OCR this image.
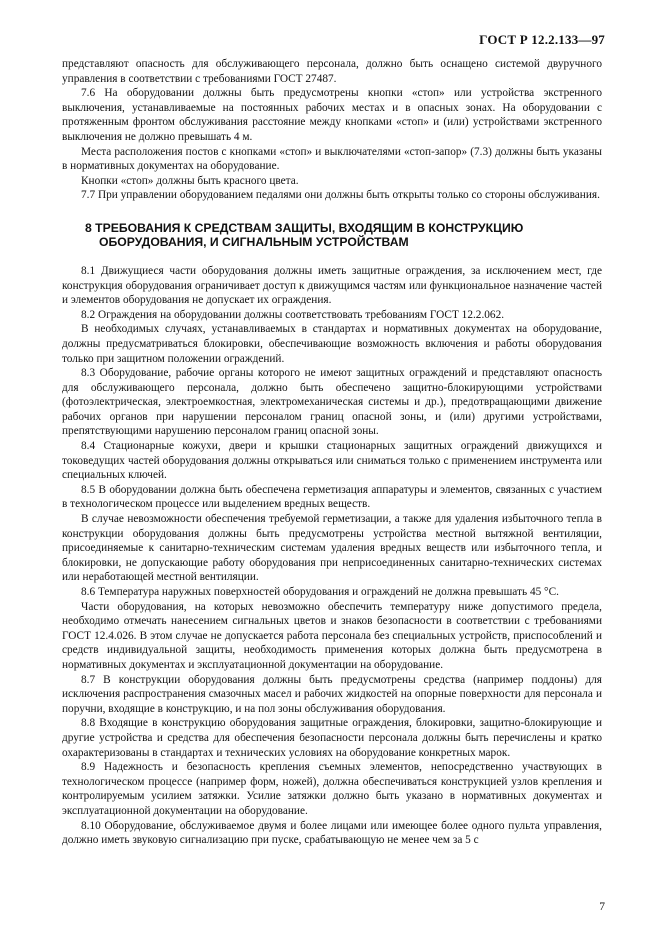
ГОСТ Р 12.2.133—97

представляют опасность для обслуживающего персонала, должно быть оснащено системой двуручного управления в соответствии с требованиями ГОСТ 27487.

7.6 На оборудовании должны быть предусмотрены кнопки «стоп» или устройства экстренного выключения, устанавливаемые на постоянных рабочих местах и в опасных зонах. На оборудовании с протяженным фронтом обслуживания расстояние между кнопками «стоп» и (или) устройствами экстренного выключения не должно превышать 4 м.

Места расположения постов с кнопками «стоп» и выключателями «стоп-запор» (7.3) должны быть указаны в нормативных документах на оборудование.

Кнопки «стоп» должны быть красного цвета.

7.7 При управлении оборудованием педалями они должны быть открыты только со стороны обслуживания.

8 ТРЕБОВАНИЯ К СРЕДСТВАМ ЗАЩИТЫ, ВХОДЯЩИМ В КОНСТРУКЦИЮ
ОБОРУДОВАНИЯ, И СИГНАЛЬНЫМ УСТРОЙСТВАМ

8.1 Движущиеся части оборудования должны иметь защитные ограждения, за исключением мест, где конструкция оборудования ограничивает доступ к движущимся частям или функциональное назначение частей и элементов оборудования не допускает их ограждения.

8.2 Ограждения на оборудовании должны соответствовать требованиям ГОСТ 12.2.062.

В необходимых случаях, устанавливаемых в стандартах и нормативных документах на оборудование, должны предусматриваться блокировки, обеспечивающие возможность включения и работы оборудования только при защитном положении ограждений.

8.3 Оборудование, рабочие органы которого не имеют защитных ограждений и представляют опасность для обслуживающего персонала, должно быть обеспечено защитно-блокирующими устройствами (фотоэлектрическая, электроемкостная, электромеханическая системы и др.), предотвращающими движение рабочих органов при нарушении персоналом границ опасной зоны, и (или) другими устройствами, препятствующими нарушению персоналом границ опасной зоны.

8.4 Стационарные кожухи, двери и крышки стационарных защитных ограждений движущихся и токоведущих частей оборудования должны открываться или сниматься только с применением инструмента или специальных ключей.

8.5 В оборудовании должна быть обеспечена герметизация аппаратуры и элементов, связанных с участием в технологическом процессе или выделением вредных веществ.

В случае невозможности обеспечения требуемой герметизации, а также для удаления избыточного тепла в конструкции оборудования должны быть предусмотрены устройства местной вытяжной вентиляции, присоединяемые к санитарно-техническим системам удаления вредных веществ или избыточного тепла, и блокировки, не допускающие работу оборудования при неприсоединенных санитарно-технических системах или неработающей местной вентиляции.

8.6 Температура наружных поверхностей оборудования и ограждений не должна превышать 45 °С.

Части оборудования, на которых невозможно обеспечить температуру ниже допустимого предела, необходимо отмечать нанесением сигнальных цветов и знаков безопасности в соответствии с требованиями ГОСТ 12.4.026. В этом случае не допускается работа персонала без специальных устройств, приспособлений и средств индивидуальной защиты, необходимость применения которых должна быть предусмотрена в нормативных документах и эксплуатационной документации на оборудование.

8.7 В конструкции оборудования должны быть предусмотрены средства (например поддоны) для исключения распространения смазочных масел и рабочих жидкостей на опорные поверхности для персонала и поручни, входящие в конструкцию, и на пол зоны обслуживания оборудования.

8.8 Входящие в конструкцию оборудования защитные ограждения, блокировки, защитно-блокирующие и другие устройства и средства для обеспечения безопасности персонала должны быть перечислены и кратко охарактеризованы в стандартах и технических условиях на оборудование конкретных марок.

8.9 Надежность и безопасность крепления съемных элементов, непосредственно участвующих в технологическом процессе (например форм, ножей), должна обеспечиваться конструкцией узлов крепления и контролируемым усилием затяжки. Усилие затяжки должно быть указано в нормативных документах и эксплуатационной документации на оборудование.

8.10 Оборудование, обслуживаемое двумя и более лицами или имеющее более одного пульта управления, должно иметь звуковую сигнализацию при пуске, срабатывающую не менее чем за 5 с

7
